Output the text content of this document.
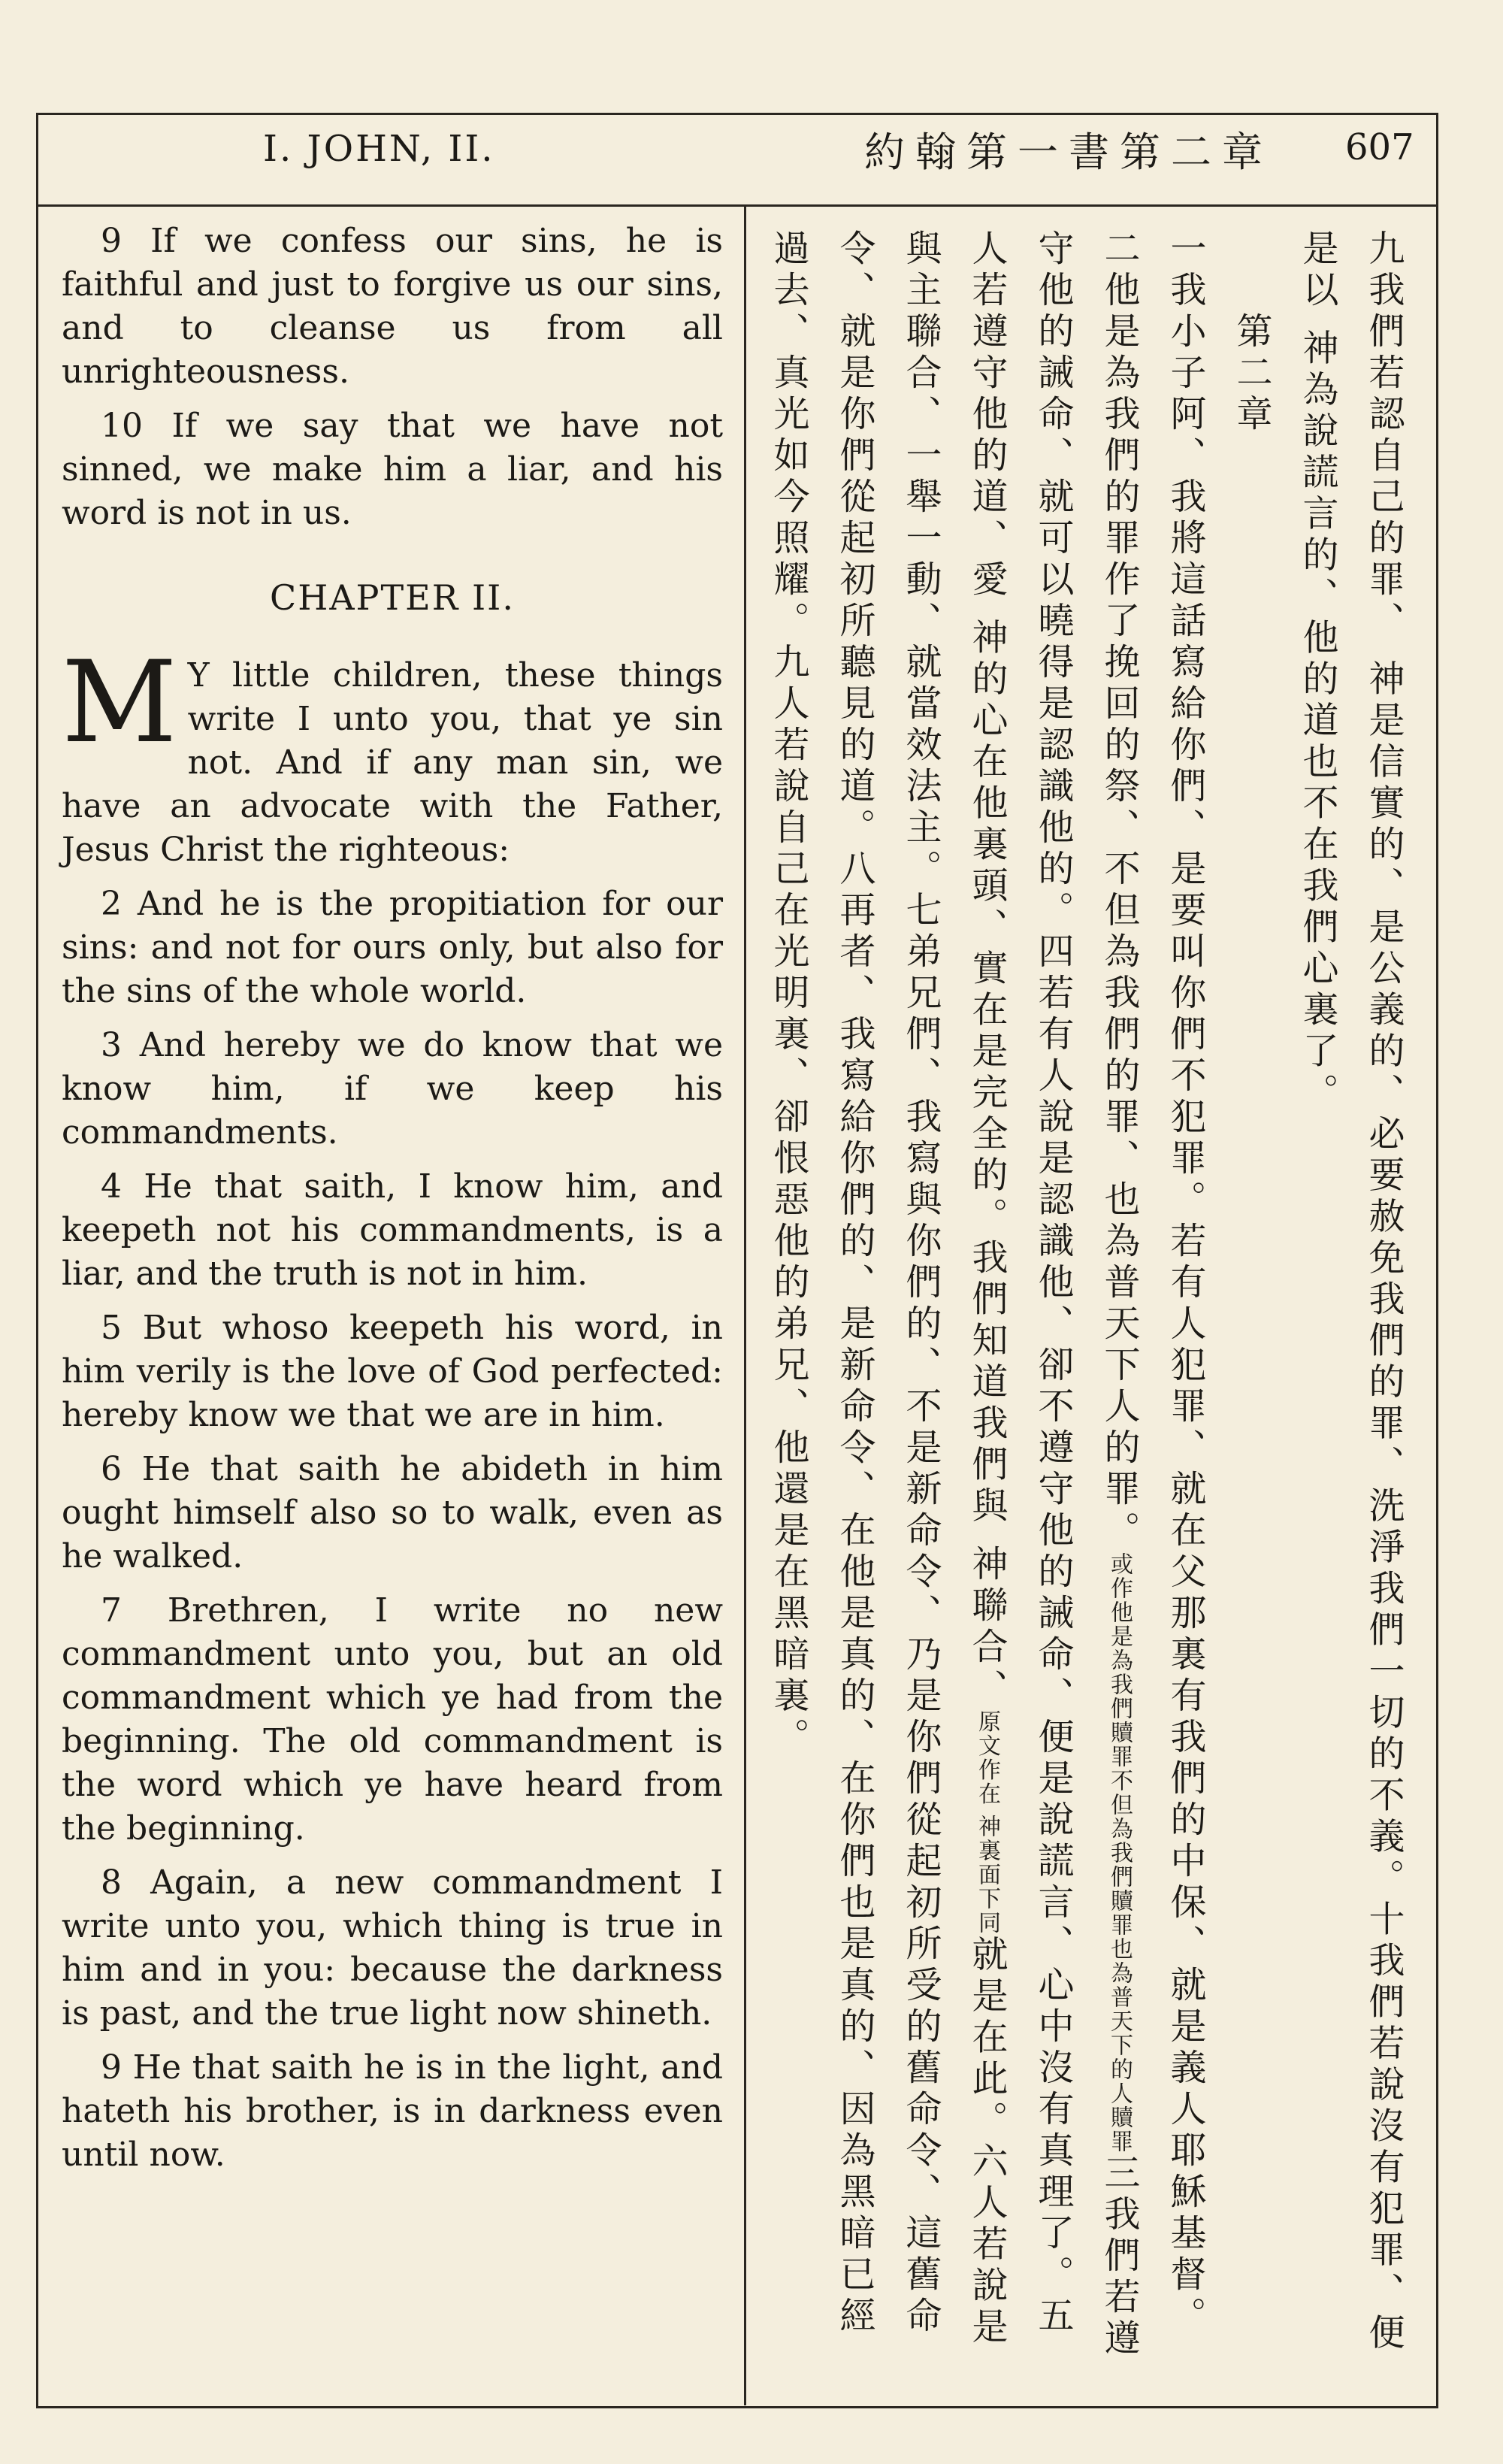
I. JOHN, II.	約翰第一書第二章 607

9 If we confess our sins, he is faithful and just to forgive us our sins, and to cleanse us from all unrighteousness.

10 If we say that we have not sinned, we make him a liar, and his word is not in us.

CHAPTER II.

M Y little children, these things write I unto you, that ye sin not. And if any man sin, we have an advocate with the Father, Jesus Christ the righteous:

2 And he is the propitiation for our sins: and not for ours only, but also for the sins of the whole world.

3 And hereby we do know that we know him, if we keep his commandments.

4 He that saith, I know him, and keepeth not his commandments, is a liar, and the truth is not in him.

5 But whoso keepeth his word, in him verily is the love of God perfected: hereby know we that we are in him.

6 He that saith he abideth in him ought himself also so to walk, even as he walked.

7 Brethren, I write no new commandment unto you, but an old commandment which ye had from the beginning. The old commandment is the word which ye have heard from the beginning.

8 Again, a new commandment I write unto you, which thing is true in him and in you: because the darkness is past, and the true light now shineth.

9 He that saith he is in the light, and hateth his brother, is in darkness even until now.

九我們若認自己的罪、 神是信實的、是公義的、必要赦免我們的罪、洗淨我們一切的不義。十我們若說沒有犯罪、便是以 神為說謊言的、他的道也不在我們心裏了。
第二章
一我小子阿、我將這話寫給你們、是要叫你們不犯罪。若有人犯罪、就在父那裏有我們的中保、就是義人耶穌基督。二他是為我們的罪作了挽回的祭、不但為我們的罪、也為普天下人的罪。或作他是為我們贖罪不但為我們贖罪也為普天下的人贖罪三我們若遵守他的誡命、就可以曉得是認識他的。四若有人說是認識他、卻不遵守他的誡命、便是說謊言、心中沒有真理了。五人若遵守他的道、愛 神的心在他裏頭、實在是完全的。我們知道我們與 神聯合、原文作在 神裏面下同就是在此。六人若說是與主聯合、一舉一動、就當效法主。七弟兄們、我寫與你們的、不是新命令、乃是你們從起初所受的舊命令、這舊命令、就是你們從起初所聽見的道。八再者、我寫給你們的、是新命令、在他是真的、在你們也是真的、因為黑暗已經過去、真光如今照耀。九人若說自己在光明裏、卻恨惡他的弟兄、他還是在黑暗裏。
